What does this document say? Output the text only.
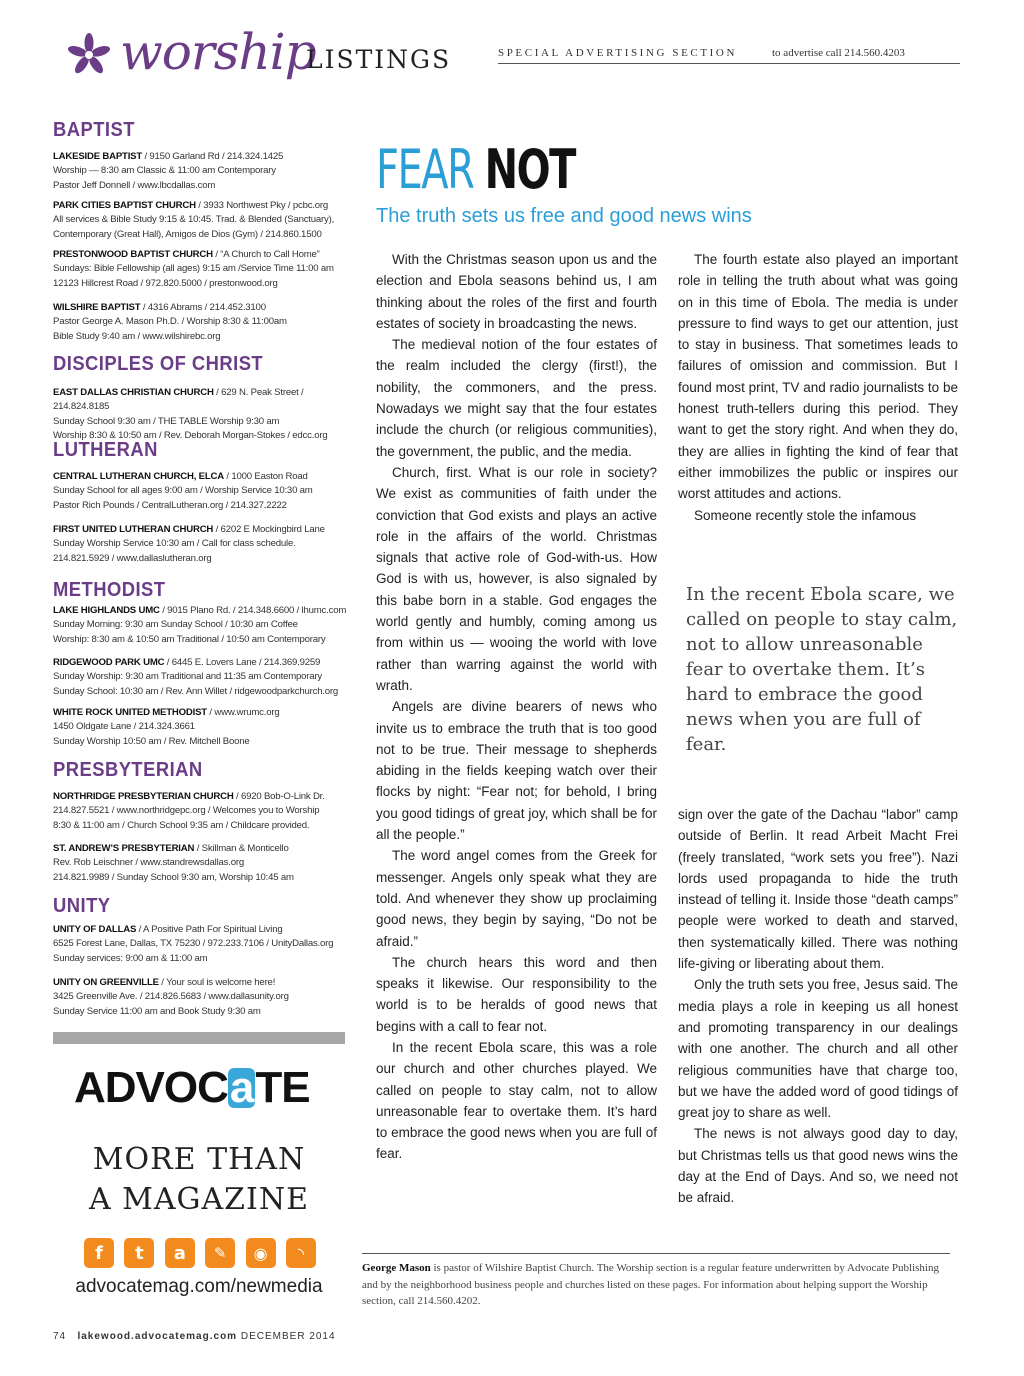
worship
LISTINGS	SPECIAL ADVERTISING SECTION	to advertise call 214.560.4203
BAPTIST
LAKESIDE BAPTIST / 9150 Garland Rd / 214.324.1425
Worship — 8:30 am Classic & 11:00 am Contemporary
Pastor Jeff Donnell / www.lbcdallas.com
PARK CITIES BAPTIST CHURCH / 3933 Northwest Pky / pcbc.org
All services & Bible Study 9:15 & 10:45. Trad. & Blended (Sanctuary),
Contemporary (Great Hall), Amigos de Dios (Gym) / 214.860.1500
PRESTONWOOD BAPTIST CHURCH / “A Church to Call Home”
Sundays: Bible Fellowship (all ages) 9:15 am /Service Time 11:00 am
12123 Hillcrest Road / 972.820.5000 / prestonwood.org
WILSHIRE BAPTIST / 4316 Abrams / 214.452.3100
Pastor George A. Mason Ph.D. / Worship 8:30 & 11:00am
Bible Study 9:40 am / www.wilshirebc.org
DISCIPLES OF CHRIST
EAST DALLAS CHRISTIAN CHURCH / 629 N. Peak Street / 214.824.8185
Sunday School 9:30 am / THE TABLE Worship 9:30 am
Worship 8:30 & 10:50 am / Rev. Deborah Morgan-Stokes / edcc.org
LUTHERAN
CENTRAL LUTHERAN CHURCH, ELCA / 1000 Easton Road
Sunday School for all ages 9:00 am / Worship Service 10:30 am
Pastor Rich Pounds / CentralLutheran.org / 214.327.2222
FIRST UNITED LUTHERAN CHURCH / 6202 E Mockingbird Lane
Sunday Worship Service 10:30 am / Call for class schedule.
214.821.5929 / www.dallaslutheran.org
METHODIST
LAKE HIGHLANDS UMC / 9015 Plano Rd. / 214.348.6600 / lhumc.com
Sunday Morning: 9:30 am Sunday School / 10:30 am Coffee
Worship: 8:30 am & 10:50 am Traditional / 10:50 am Contemporary
RIDGEWOOD PARK UMC / 6445 E. Lovers Lane / 214.369.9259
Sunday Worship: 9:30 am Traditional and 11:35 am Contemporary
Sunday School: 10:30 am / Rev. Ann Willet / ridgewoodparkchurch.org
WHITE ROCK UNITED METHODIST / www.wrumc.org
1450 Oldgate Lane / 214.324.3661
Sunday Worship 10:50 am / Rev. Mitchell Boone
PRESBYTERIAN
NORTHRIDGE PRESBYTERIAN CHURCH / 6920 Bob-O-Link Dr.
214.827.5521 / www.northridgepc.org / Welcomes you to Worship
8:30 & 11:00 am / Church School 9:35 am / Childcare provided.
ST. ANDREW’S PRESBYTERIAN / Skillman & Monticello
Rev. Rob Leischner / www.standrewsdallas.org
214.821.9989 / Sunday School 9:30 am, Worship 10:45 am
UNITY
UNITY OF DALLAS / A Positive Path For Spiritual Living
6525 Forest Lane, Dallas, TX 75230 / 972.233.7106 / UnityDallas.org
Sunday services: 9:00 am & 11:00 am
UNITY ON GREENVILLE / Your soul is welcome here!
3425 Greenville Ave. / 214.826.5683 / www.dallasunity.org
Sunday Service 11:00 am and Book Study 9:30 am
ADVOCaTE
MORE THAN
A MAGAZINE
f	t	a	✎	◉	◝
advocatemag.com/newmedia
74 lakewood.advocatemag.com DECEMBER 2014
FEAR NOT
The truth sets us free and good news wins

With the Christmas season upon us and the election and Ebola seasons behind us, I am thinking about the roles of the first and fourth estates of society in broadcasting the news.

The medieval notion of the four estates of the realm included the clergy (first!), the nobility, the commoners, and the press. Nowadays we might say that the four estates include the church (or religious communities), the government, the public, and the media.

Church, first. What is our role in society? We exist as communities of faith under the conviction that God exists and plays an active role in the affairs of the world. Christmas signals that active role of God-with-us. How God is with us, however, is also signaled by this babe born in a stable. God engages the world gently and humbly, coming among us from within us — wooing the world with love rather than warring against the world with wrath.

Angels are divine bearers of news who invite us to embrace the truth that is too good not to be true. Their message to shepherds abiding in the fields keeping watch over their flocks by night: “Fear not; for behold, I bring you good tidings of great joy, which shall be for all the people.”

The word angel comes from the Greek for messenger. Angels only speak what they are told. And whenever they show up proclaiming good news, they begin by saying, “Do not be afraid.”

The church hears this word and then speaks it likewise. Our responsibility to the world is to be heralds of good news that begins with a call to fear not.

In the recent Ebola scare, this was a role our church and other churches played. We called on people to stay calm, not to allow unreasonable fear to overtake them. It’s hard to embrace the good news when you are full of fear.

The fourth estate also played an important role in telling the truth about what was going on in this time of Ebola. The media is under pressure to find ways to get our attention, just to stay in business. That sometimes leads to failures of omission and commission. But I found most print, TV and radio journalists to be honest truth-tellers during this period. They want to get the story right. And when they do, they are allies in fighting the kind of fear that either immobilizes the public or inspires our worst attitudes and actions.

Someone recently stole the infamous

In the recent Ebola scare, we called on people to stay calm, not to allow unreasonable fear to overtake them. It’s hard to embrace the good news when you are full of fear.

sign over the gate of the Dachau “labor” camp outside of Berlin. It read Arbeit Macht Frei (freely translated, “work sets you free”). Nazi lords used propaganda to hide the truth instead of telling it. Inside those “death camps” people were worked to death and starved, then systematically killed. There was nothing life-giving or liberating about them.

Only the truth sets you free, Jesus said. The media plays a role in keeping us all honest and promoting transparency in our dealings with one another. The church and all other religious communities have that charge too, but we have the added word of good tidings of great joy to share as well.

The news is not always good day to day, but Christmas tells us that good news wins the day at the End of Days. And so, we need not be afraid.

George Mason is pastor of Wilshire Baptist Church. The Worship section is a regular feature underwritten by Advocate Publishing and by the neighborhood business people and churches listed on these pages. For information about helping support the Worship section, call 214.560.4202.
